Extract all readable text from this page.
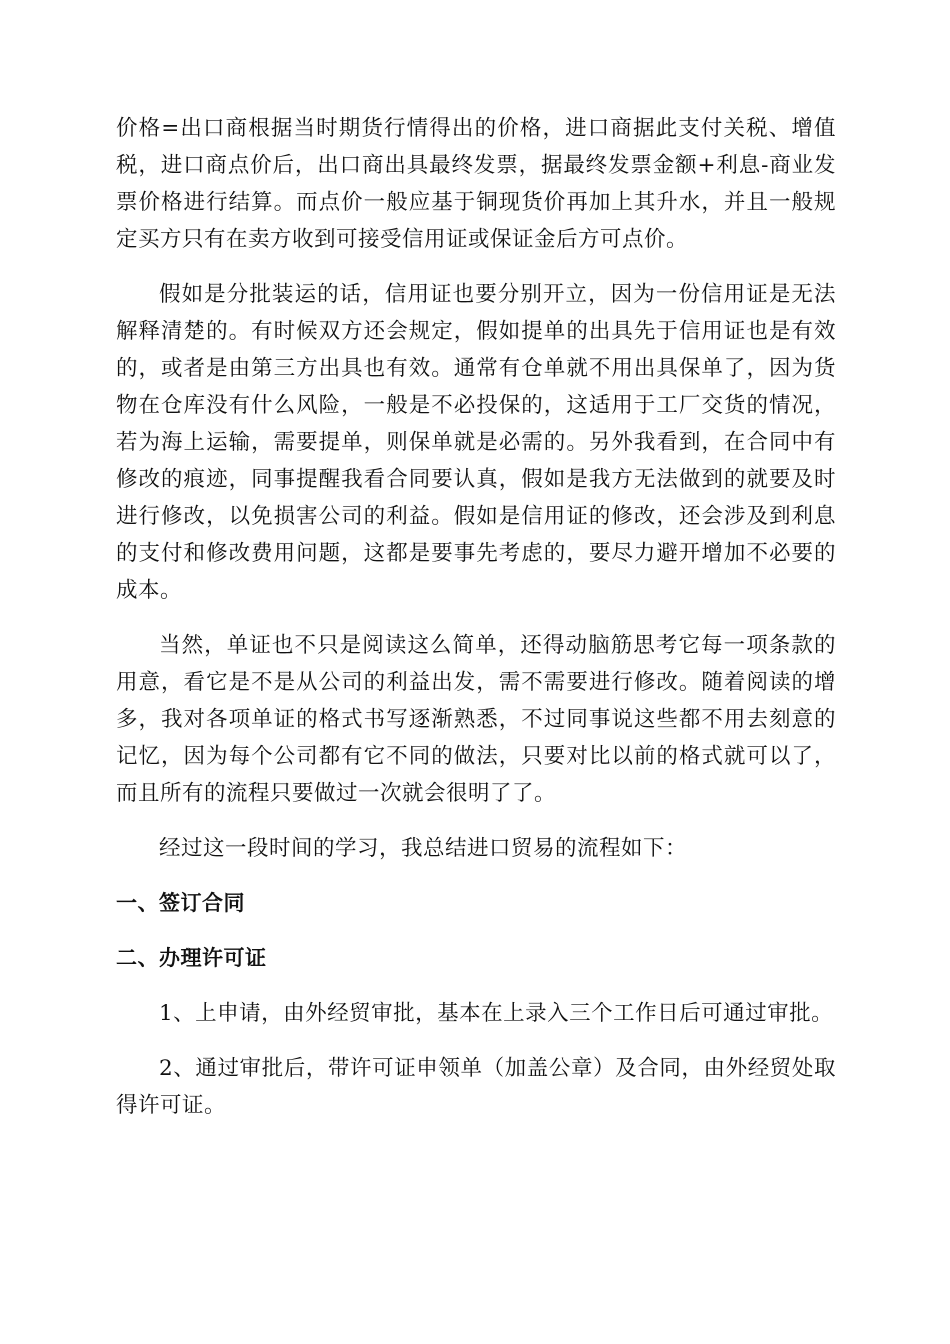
价格=出口商根据当时期货行情得出的价格，进口商据此支付关税、增值税，进口商点价后，出口商出具最终发票，据最终发票金额+利息-商业发票价格进行结算。而点价一般应基于铜现货价再加上其升水，并且一般规定买方只有在卖方收到可接受信用证或保证金后方可点价。

假如是分批装运的话，信用证也要分别开立，因为一份信用证是无法解释清楚的。有时候双方还会规定，假如提单的出具先于信用证也是有效的，或者是由第三方出具也有效。通常有仓单就不用出具保单了，因为货物在仓库没有什么风险，一般是不必投保的，这适用于工厂交货的情况，若为海上运输，需要提单，则保单就是必需的。另外我看到，在合同中有修改的痕迹，同事提醒我看合同要认真，假如是我方无法做到的就要及时进行修改，以免损害公司的利益。假如是信用证的修改，还会涉及到利息的支付和修改费用问题，这都是要事先考虑的，要尽力避开增加不必要的成本。

当然，单证也不只是阅读这么简单，还得动脑筋思考它每一项条款的用意，看它是不是从公司的利益出发，需不需要进行修改。随着阅读的增多，我对各项单证的格式书写逐渐熟悉，不过同事说这些都不用去刻意的记忆，因为每个公司都有它不同的做法，只要对比以前的格式就可以了，而且所有的流程只要做过一次就会很明了了。

经过这一段时间的学习，我总结进口贸易的流程如下：

一、签订合同

二、办理许可证

1、上申请，由外经贸审批，基本在上录入三个工作日后可通过审批。

2、通过审批后，带许可证申领单（加盖公章）及合同，由外经贸处取得许可证。
